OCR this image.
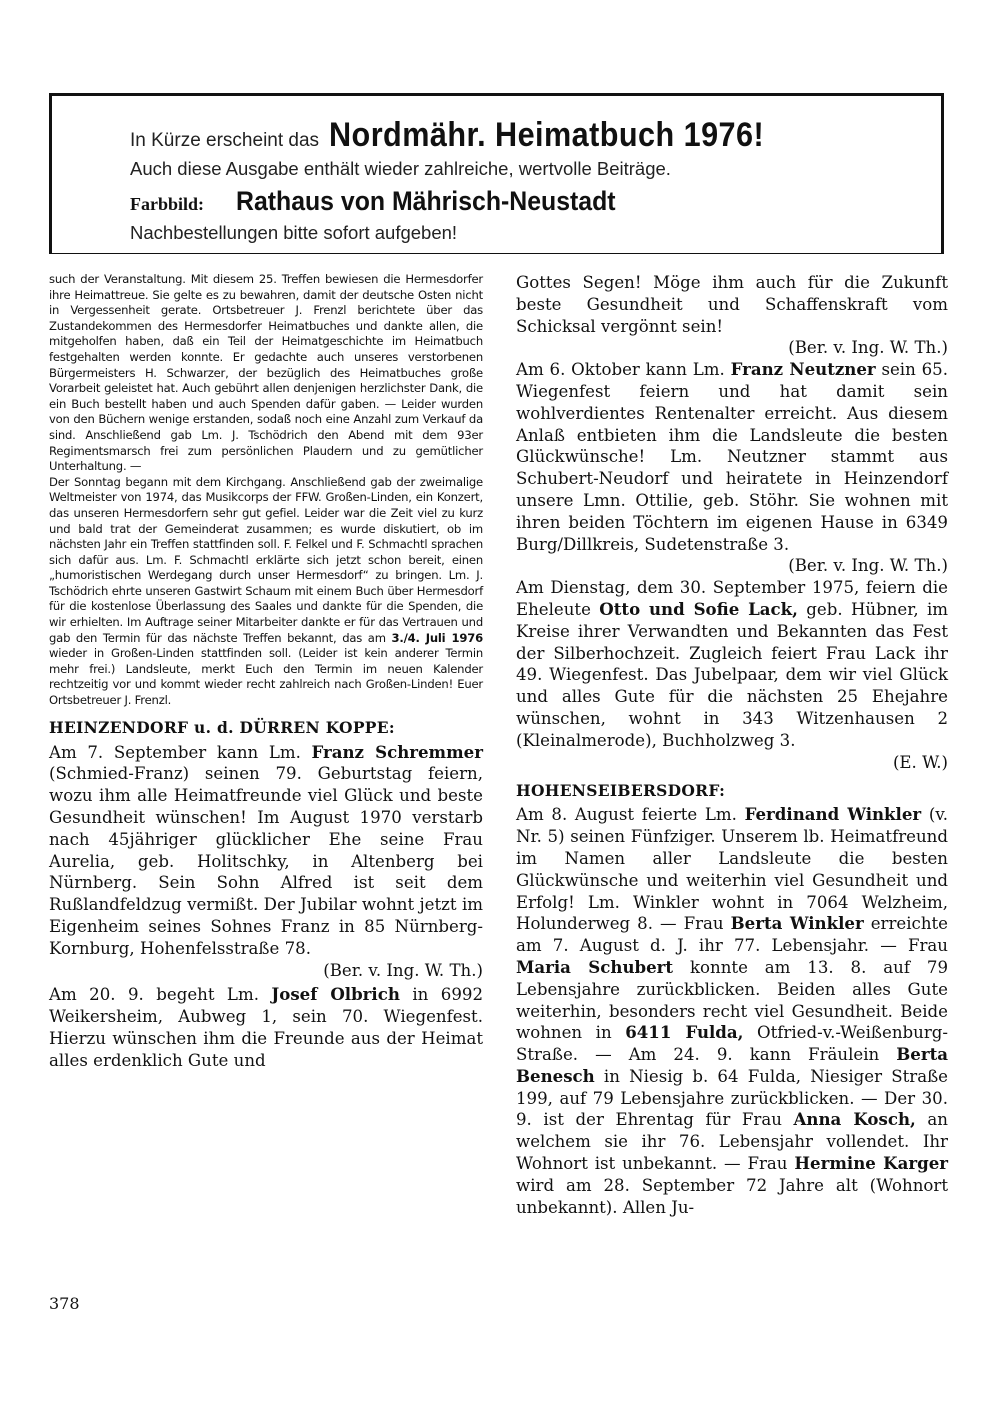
In Kürze erscheint das Nordmähr. Heimatbuch 1976!
Auch diese Ausgabe enthält wieder zahlreiche, wertvolle Beiträge.
Farbbild: Rathaus von Mährisch-Neustadt
Nachbestellungen bitte sofort aufgeben!

such der Veranstaltung. Mit diesem 25. Treffen bewiesen die Hermesdorfer ihre Heimattreue. Sie gelte es zu bewahren, damit der deutsche Osten nicht in Vergessenheit gerate. Ortsbetreuer J. Frenzl berichtete über das Zustandekommen des Hermesdorfer Heimatbuches und dankte allen, die mitgeholfen haben, daß ein Teil der Heimatgeschichte im Heimatbuch festgehalten werden konnte. Er gedachte auch unseres verstorbenen Bürgermeisters H. Schwarzer, der bezüglich des Heimatbuches große Vorarbeit geleistet hat. Auch gebührt allen denjenigen herzlichster Dank, die ein Buch bestellt haben und auch Spenden dafür gaben. — Leider wurden von den Büchern wenige erstanden, sodaß noch eine Anzahl zum Verkauf da sind. Anschließend gab Lm. J. Tschödrich den Abend mit dem 93er Regimentsmarsch frei zum persönlichen Plaudern und zu gemütlicher Unterhaltung. —

Der Sonntag begann mit dem Kirchgang. Anschließend gab der zweimalige Weltmeister von 1974, das Musikcorps der FFW. Großen-Linden, ein Konzert, das unseren Hermesdorfern sehr gut gefiel. Leider war die Zeit viel zu kurz und bald trat der Gemeinderat zusammen; es wurde diskutiert, ob im nächsten Jahr ein Treffen stattfinden soll. F. Felkel und F. Schmachtl sprachen sich dafür aus. Lm. F. Schmachtl erklärte sich jetzt schon bereit, einen „humoristischen Werdegang durch unser Hermesdorf“ zu bringen. Lm. J. Tschödrich ehrte unseren Gastwirt Schaum mit einem Buch über Hermesdorf für die kostenlose Überlassung des Saales und dankte für die Spenden, die wir erhielten. Im Auftrage seiner Mitarbeiter dankte er für das Vertrauen und gab den Termin für das nächste Treffen bekannt, das am 3./4. Juli 1976 wieder in Großen-Linden stattfinden soll. (Leider ist kein anderer Termin mehr frei.) Landsleute, merkt Euch den Termin im neuen Kalender rechtzeitig vor und kommt wieder recht zahlreich nach Großen-Linden! Euer Ortsbetreuer J. Frenzl.

HEINZENDORF u. d. DÜRREN KOPPE:

Am 7. September kann Lm. Franz Schremmer (Schmied-Franz) seinen 79. Geburtstag feiern, wozu ihm alle Heimatfreunde viel Glück und beste Gesundheit wünschen! Im August 1970 verstarb nach 45jähriger glücklicher Ehe seine Frau Aurelia, geb. Holitschky, in Altenberg bei Nürnberg. Sein Sohn Alfred ist seit dem Rußlandfeldzug vermißt. Der Jubilar wohnt jetzt im Eigenheim seines Sohnes Franz in 85 Nürnberg-Kornburg, Hohenfelsstraße 78.

(Ber. v. Ing. W. Th.)

Am 20. 9. begeht Lm. Josef Olbrich in 6992 Weikersheim, Aubweg 1, sein 70. Wiegenfest. Hierzu wünschen ihm die Freunde aus der Heimat alles erdenklich Gute und

Gottes Segen! Möge ihm auch für die Zukunft beste Gesundheit und Schaffenskraft vom Schicksal vergönnt sein!

(Ber. v. Ing. W. Th.)

Am 6. Oktober kann Lm. Franz Neutzner sein 65. Wiegenfest feiern und hat damit sein wohlverdientes Rentenalter erreicht. Aus diesem Anlaß entbieten ihm die Landsleute die besten Glückwünsche! Lm. Neutzner stammt aus Schubert-Neudorf und heiratete in Heinzendorf unsere Lmn. Ottilie, geb. Stöhr. Sie wohnen mit ihren beiden Töchtern im eigenen Hause in 6349 Burg/Dillkreis, Sudetenstraße 3.

(Ber. v. Ing. W. Th.)

Am Dienstag, dem 30. September 1975, feiern die Eheleute Otto und Sofie Lack, geb. Hübner, im Kreise ihrer Verwandten und Bekannten das Fest der Silberhochzeit. Zugleich feiert Frau Lack ihr 49. Wiegenfest. Das Jubelpaar, dem wir viel Glück und alles Gute für die nächsten 25 Ehejahre wünschen, wohnt in 343 Witzenhausen 2 (Kleinalmerode), Buchholzweg 3.

(E. W.)

HOHENSEIBERSDORF:

Am 8. August feierte Lm. Ferdinand Winkler (v. Nr. 5) seinen Fünfziger. Unserem lb. Heimatfreund im Namen aller Landsleute die besten Glückwünsche und weiterhin viel Gesundheit und Erfolg! Lm. Winkler wohnt in 7064 Welzheim, Holunderweg 8. — Frau Berta Winkler erreichte am 7. August d. J. ihr 77. Lebensjahr. — Frau Maria Schubert konnte am 13. 8. auf 79 Lebensjahre zurückblicken. Beiden alles Gute weiterhin, besonders recht viel Gesundheit. Beide wohnen in 6411 Fulda, Otfried-v.-Weißenburg-Straße. — Am 24. 9. kann Fräulein Berta Benesch in Niesig b. 64 Fulda, Niesiger Straße 199, auf 79 Lebensjahre zurückblicken. — Der 30. 9. ist der Ehrentag für Frau Anna Kosch, an welchem sie ihr 76. Lebensjahr vollendet. Ihr Wohnort ist unbekannt. — Frau Hermine Karger wird am 28. September 72 Jahre alt (Wohnort unbekannt). Allen Ju-

378
